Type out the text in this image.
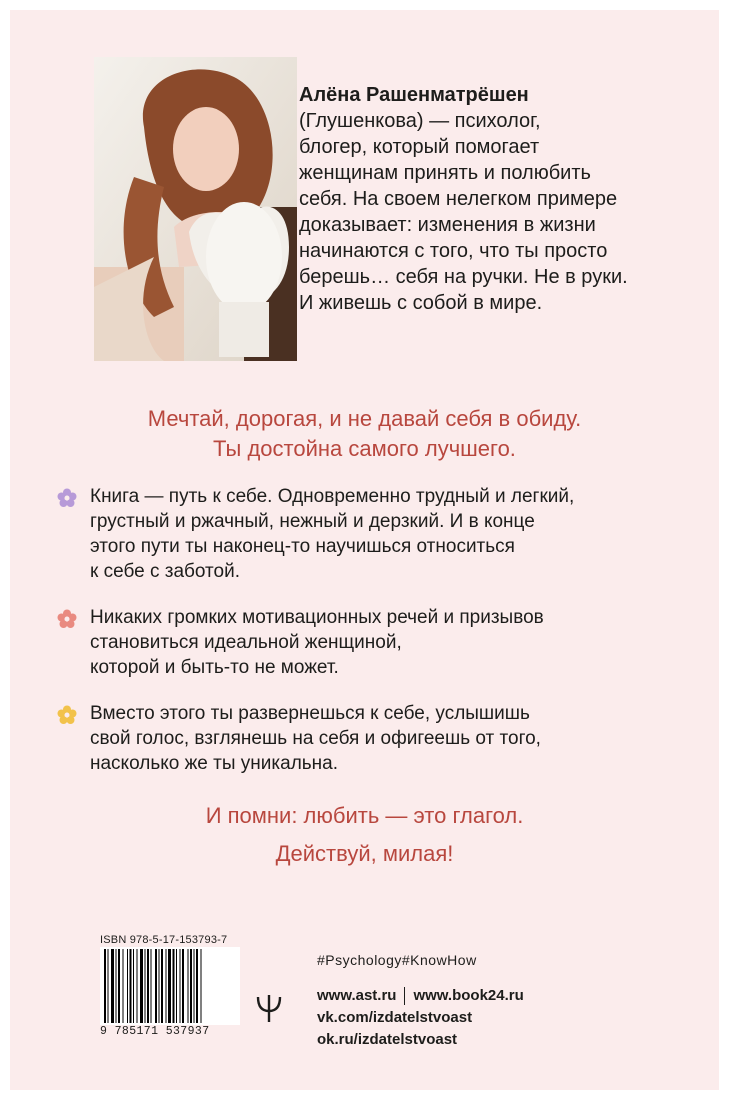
Алёна Рашенматрёшен
(Глушенкова) — психолог,
блогер, который помогает
женщинам принять и полюбить
себя. На своем нелегком примере
доказывает: изменения в жизни
начинаются с того, что ты просто
берешь… себя на ручки. Не в руки.
И живешь с собой в мире.
Мечтай, дорогая, и не давай себя в обиду.
Ты достойна самого лучшего.
Книга — путь к себе. Одновременно трудный и легкий,
грустный и ржачный, нежный и дерзкий. И в конце
этого пути ты наконец-то научишься относиться
к себе с заботой.
Никаких громких мотивационных речей и призывов
становиться идеальной женщиной,
которой и быть-то не может.
Вместо этого ты развернешься к себе, услышишь
свой голос, взглянешь на себя и офигеешь от того,
насколько же ты уникальна.
И помни: любить — это глагол.
Действуй, милая!
ISBN 978-5-17-153793-7
9 785171 537937
#Psychology#KnowHow
www.ast.ru www.book24.ru
vk.com/izdatelstvoast
ok.ru/izdatelstvoast
